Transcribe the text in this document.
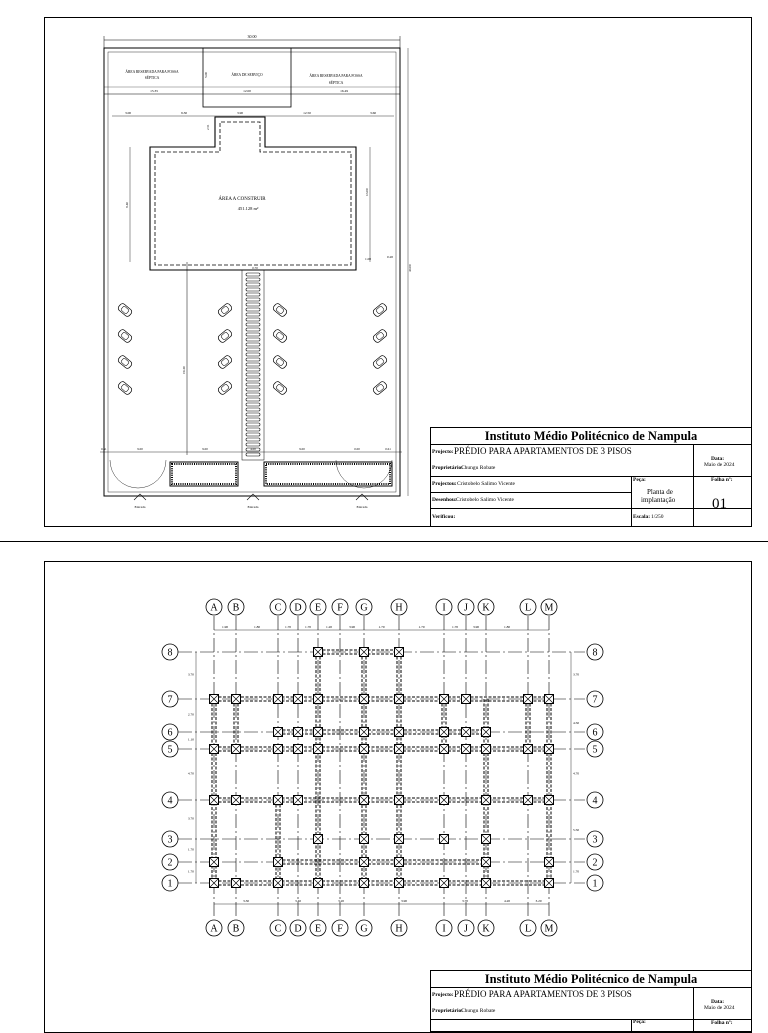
30.00
ÁREA RESERVADA PARA FOSSA
SÉPTICA
ÁREA DE SERVIÇO	ÁREA RESERVADA PARA FOSSA
SÉPTICA
15.35	12.00	16.49
5.00
3.00	9.30	3.90	12.50	3.60
ÁREA A CONSTRUIR
451.128 m²
9.40
13.00
1.00	0.20
2.51
0.70	40.00
19.30
0.61	9.00	9.00	4.00	9.00	0.00	0.61
Entrada	Entrada	Entrada
Instituto Médio Politécnico de Nampula
Projecto: PRÉDIO PARA APARTAMENTOS DE 3 PISOS
Proprietário:
Chungu Robate
Data:
Maio de 2024
Projectou: Cristobelo Salimo Vicente
Desenhou: Cristobelo Salimo Vicente
Verificou:
Peça:
Planta de
implantação
Escala: 1/250
Folha nº:
01
A
A
B
B
C
C
D
D
E
E
F
F
G
G
H
H
I
I
J
J
K
K
L
L
M
M
8	8
7	7
6	6
5	5
4	4
3	3
2	2
1	1
1.90	1.80	1.70	1.70	1.20	3.90	1.70	1.70	1.70	3.90	1.80
3.30	3.40	3.20	3.90	3.70	4.20	3.20
3.70
2.70
1.10
4.70
3.70
1.70
1.70
3.70
4.50
4.70
5.50
1.70
Instituto Médio Politécnico de Nampula
Projecto: PRÉDIO PARA APARTAMENTOS DE 3 PISOS
Proprietário:
Chungu Robate
Data:
Maio de 2024
Peça:	Folha nº:
